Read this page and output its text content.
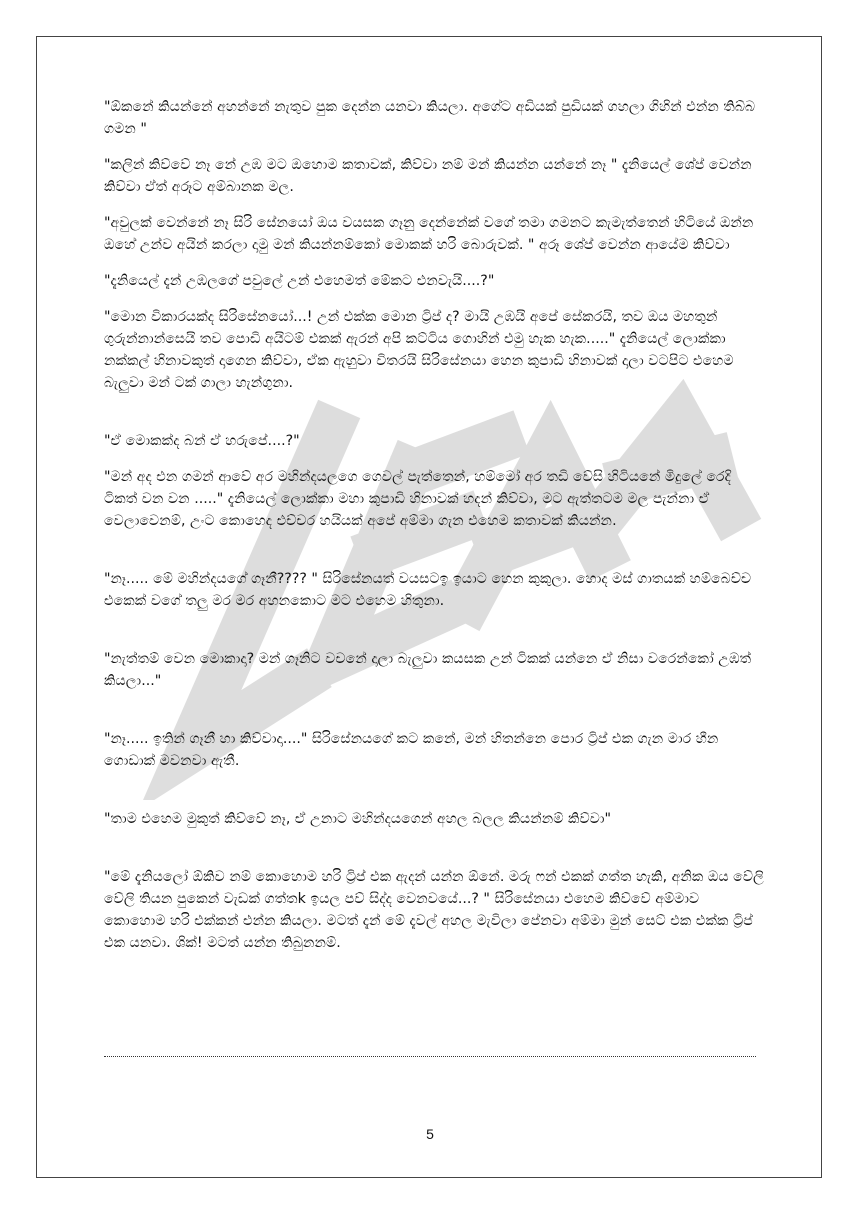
"ඕකනේ කියන්නේ අහන්නේ නැතුව පුක දෙන්න යනවා කියලා. අගේට අඩියක් පුඩියක් ගහලා ගිහින් එන්න තිබ්බ ගමන "

"කලින් කිව්වේ නෑ නේ උඹ මට ඔහොම කතාවක්, කිව්වා නම් මන් කියන්න යන්නේ නෑ " දැනියෙල් ශේප් වෙන්න කිව්වා ඒත් අරූට අම්බානක මල.

"අවුලක් වෙන්නේ නෑ සිරි සේනයෝ ඔය වයසක ගෑනු දෙන්නේක් වගේ තමා ගමනට කැමැත්තෙන් හිටියේ ඔන්න ඔහේ උන්ව අයින් කරලා දාමු මන් කියන්නම්කෝ මොකක් හරි බොරුවක්. " අරූ ශේප් වෙන්න ආයේම කිව්වා

"දැනියෙල් දැන් උඹලගේ පවුලේ උන් එහෙමත් මේකට එනවැයි....?"

"මොන විකාරයක්ද සිරිසේනයෝ...! උන් එක්ක මොන ට්‍රිප් ද? මායි උඹයි අපේ සේකරයි, තව ඔය මහතුන් ගුරුන්නාන්සෙයි තව පොඩි අයිටම් එකක් ඇරන් අපි කට්ටිය ගොහින් එමු හැක හැක....." දැනියෙල් ලොක්කා නක්කල් හිනාවකුත් දාගෙන කිව්වා, ඒක ඇහුවා විතරයි සිරිසේනයා හෙන කුපාඩි හිනාවක් දාලා වටපිට එහෙම බැලුවා මන් ටක් ගාලා හැන්ගුනා.

"ඒ මොකක්ද බන් ඒ හරුපේ....?"

"මන් අද එන ගමන් ආවේ අර මහින්දයලගෙ ගෙවල් පැත්තෙන්, හම්මෝ අර තඩි වේසි හිටියනේ මිදුලේ රෙදි ටිකත් වන වන ....." දැනියෙල් ලොක්කා මහා කුපාඩි හිනාවක් හදන් කිව්වා, මට ඇත්තටම මල පැන්නා ඒ වෙලාවෙනම්, උංට කොහෙද එච්චර හයියක් අපේ අම්මා ගැන එහෙම කතාවක් කියන්න.

"නෑ..... මේ මහින්දයගේ ගෑනී???? " සිරිසේනයත් වයසටඉ ඉයාට හෙන කුකුලා. හොද මස් ගාතයක් හම්බෙච්ච එකෙක් වගේ තලු මර මර අහනකොට මට එහෙම හිතුනා.

"නැත්තම් වෙන මොකාදා? මන් ගෑනිට වචනේ දාලා බැලුවා කයසක උන් ටිකක් යන්නෙ ඒ නිසා වරෙන්කෝ උඹත් කියලා..."

"නෑ..... ඉතින් ගෑනී හා කිව්වාදා...." සිරිසේනයගේ කට කනේ, මන් හිතන්නෙ පොර ට්‍රිප් එක ගැන මාර හීන ගොඩාක් මවනවා ඇතී.

"තාම එහෙම මුකුත් කිව්වේ නෑ, ඒ උනාට මහින්දයගෙන් අහල බලල කියන්නම් කිව්වා"

"මේ දැනියලෝ ඕකිව නම් කොහොම හරි ට්‍රිප් එක ඇදන් යන්න ඕනේ. මරු ෆන් එකක් ගත්ත හැකි, අනික ඔය වේලි වේලි තියන පුකෙන් වැඩක් ගත්තk ඉයල පව් සිද්ද වෙනවයේ...? " සිරිසේනයා එහෙම කිව්වේ අම්මාව කොහොම හරි එක්කන් එන්න කියලා. මටත් දැන් මේ දැවල් අහල මැවිලා පේනවා අම්මා මුන් සෙට් එක එක්ක ට්‍රිප් එක යනවා. ශික්! මටත් යන්න තිබුනනම්.

5
